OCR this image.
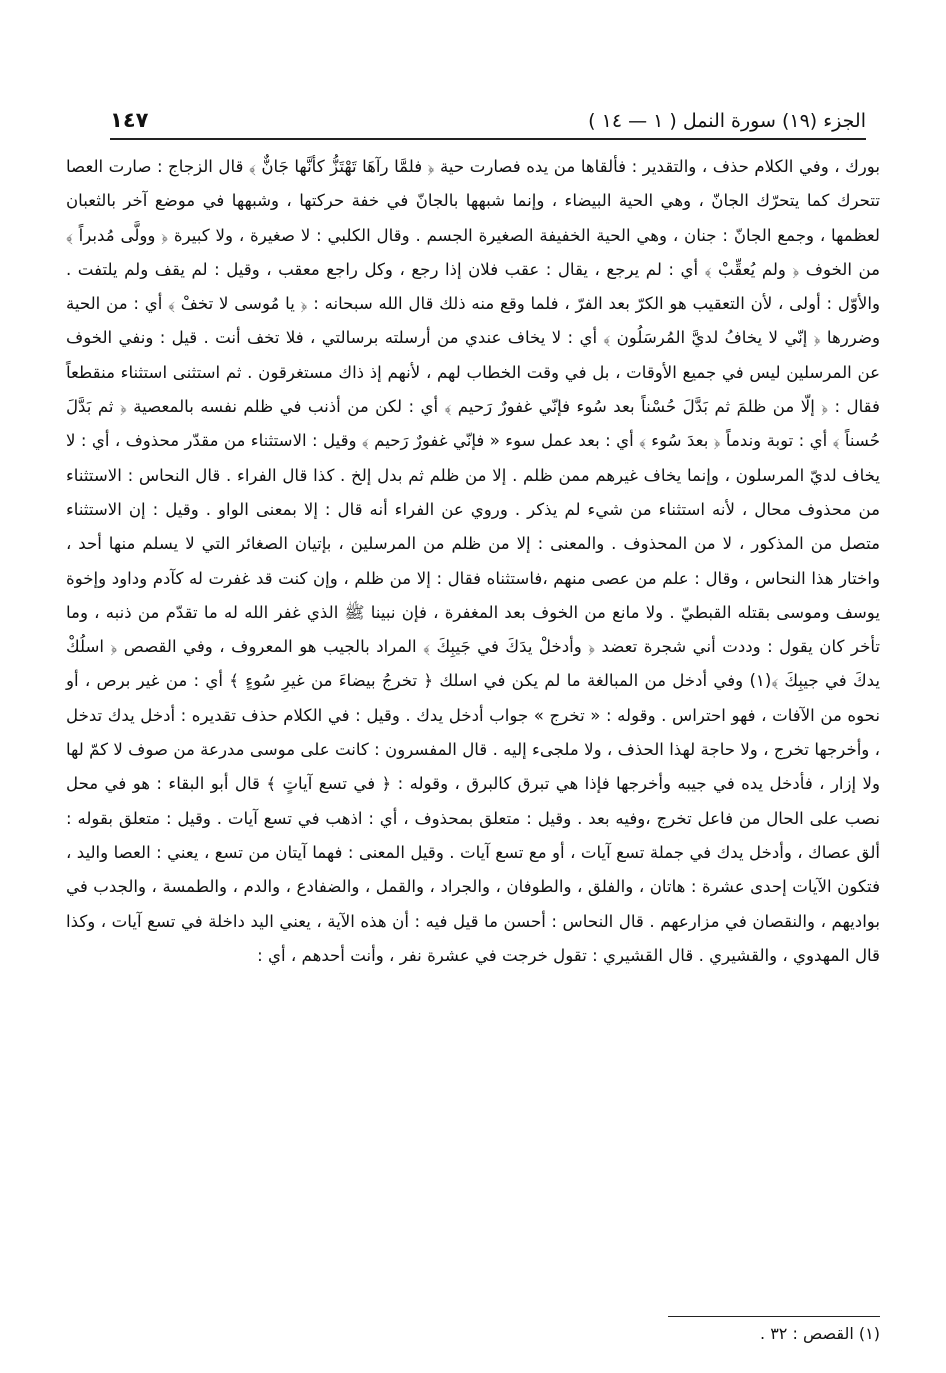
الجزء (١٩) سورة النمل ( ١ — ١٤ )
١٤٧

بورك ، وفي الكلام حذف ، والتقدير : فألقاها من يده فصارت حية ﴿ فلمَّا رآهَا تَهْتَزُّ كأنَّها جَانٌّ ﴾ قال الزجاج : صارت العصا تتحرك كما يتحرّك الجانّ ، وهي الحية البيضاء ، وإنما شبهها بالجانّ في خفة حركتها ، وشبهها في موضع آخر بالثعبان لعظمها ، وجمع الجانّ : جنان ، وهي الحية الخفيفة الصغيرة الجسم . وقال الكلبي : لا صغيرة ، ولا كبيرة ﴿ وولَّى مُدبراً ﴾ من الخوف ﴿ ولم يُعقِّبْ ﴾ أي : لم يرجع ، يقال : عقب فلان إذا رجع ، وكل راجع معقب ، وقيل : لم يقف ولم يلتفت . والأوّل : أولى ، لأن التعقيب هو الكرّ بعد الفرّ ، فلما وقع منه ذلك قال الله سبحانه : ﴿ يا مُوسى لا تخفْ ﴾ أي : من الحية وضررها ﴿ إنّي لا يخافُ لديَّ المُرسَلُون ﴾ أي : لا يخاف عندي من أرسلته برسالتي ، فلا تخف أنت . قيل : ونفي الخوف عن المرسلين ليس في جميع الأوقات ، بل في وقت الخطاب لهم ، لأنهم إذ ذاك مستغرقون . ثم استثنى استثناء منقطعاً فقال : ﴿ إلّا من ظلمَ ثم بَدَّلَ حُسْناً بعد سُوء فإنّي غفورٌ رَحيم ﴾ أي : لكن من أذنب في ظلم نفسه بالمعصية ﴿ ثم بَدَّلَ حُسناً ﴾ أي : توبة وندماً ﴿ بعدَ سُوء ﴾ أي : بعد عمل سوء « فإنّي غفورٌ رَحيم ﴾ وقيل : الاستثناء من مقدّر محذوف ، أي : لا يخاف لديّ المرسلون ، وإنما يخاف غيرهم ممن ظلم . إلا من ظلم ثم بدل إلخ . كذا قال الفراء . قال النحاس : الاستثناء من محذوف محال ، لأنه استثناء من شيء لم يذكر . وروي عن الفراء أنه قال : إلا بمعنى الواو . وقيل : إن الاستثناء متصل من المذكور ، لا من المحذوف . والمعنى : إلا من ظلم من المرسلين ، بإتيان الصغائر التي لا يسلم منها أحد ، واختار هذا النحاس ، وقال : علم من عصى منهم ،فاستثناه فقال : إلا من ظلم ، وإن كنت قد غفرت له كآدم وداود وإخوة يوسف وموسى بقتله القبطيّ . ولا مانع من الخوف بعد المغفرة ، فإن نبينا ﷺ الذي غفر الله له ما تقدّم من ذنبه ، وما تأخر كان يقول : وددت أني شجرة تعضد ﴿ وأدخلْ يدَكَ في جَيبِكَ ﴾ المراد بالجيب هو المعروف ، وفي القصص ﴿ اسلُكْ يدكَ في جيبِكَ ﴾(١) وفي أدخل من المبالغة ما لم يكن في اسلك ﴿ تخرجُ بيضاءَ من غيرِ سُوءٍ ﴾ أي : من غير برص ، أو نحوه من الآفات ، فهو احتراس . وقوله : « تخرج » جواب أدخل يدك . وقيل : في الكلام حذف تقديره : أدخل يدك تدخل ، وأخرجها تخرج ، ولا حاجة لهذا الحذف ، ولا ملجىء إليه . قال المفسرون : كانت على موسى مدرعة من صوف لا كمّ لها ولا إزار ، فأدخل يده في جيبه وأخرجها فإذا هي تبرق كالبرق ، وقوله : ﴿ في تسع آياتٍ ﴾ قال أبو البقاء : هو في محل نصب على الحال من فاعل تخرج ،وفيه بعد . وقيل : متعلق بمحذوف ، أي : اذهب في تسع آيات . وقيل : متعلق بقوله : ألق عصاك ، وأدخل يدك في جملة تسع آيات ، أو مع تسع آيات . وقيل المعنى : فهما آيتان من تسع ، يعني : العصا واليد ، فتكون الآيات إحدى عشرة : هاتان ، والفلق ، والطوفان ، والجراد ، والقمل ، والضفادع ، والدم ، والطمسة ، والجدب في بواديهم ، والنقصان في مزارعهم . قال النحاس : أحسن ما قيل فيه : أن هذه الآية ، يعني اليد داخلة في تسع آيات ، وكذا قال المهدوي ، والقشيري . قال القشيري : تقول خرجت في عشرة نفر ، وأنت أحدهم ، أي :

(١) القصص : ٣٢ .
